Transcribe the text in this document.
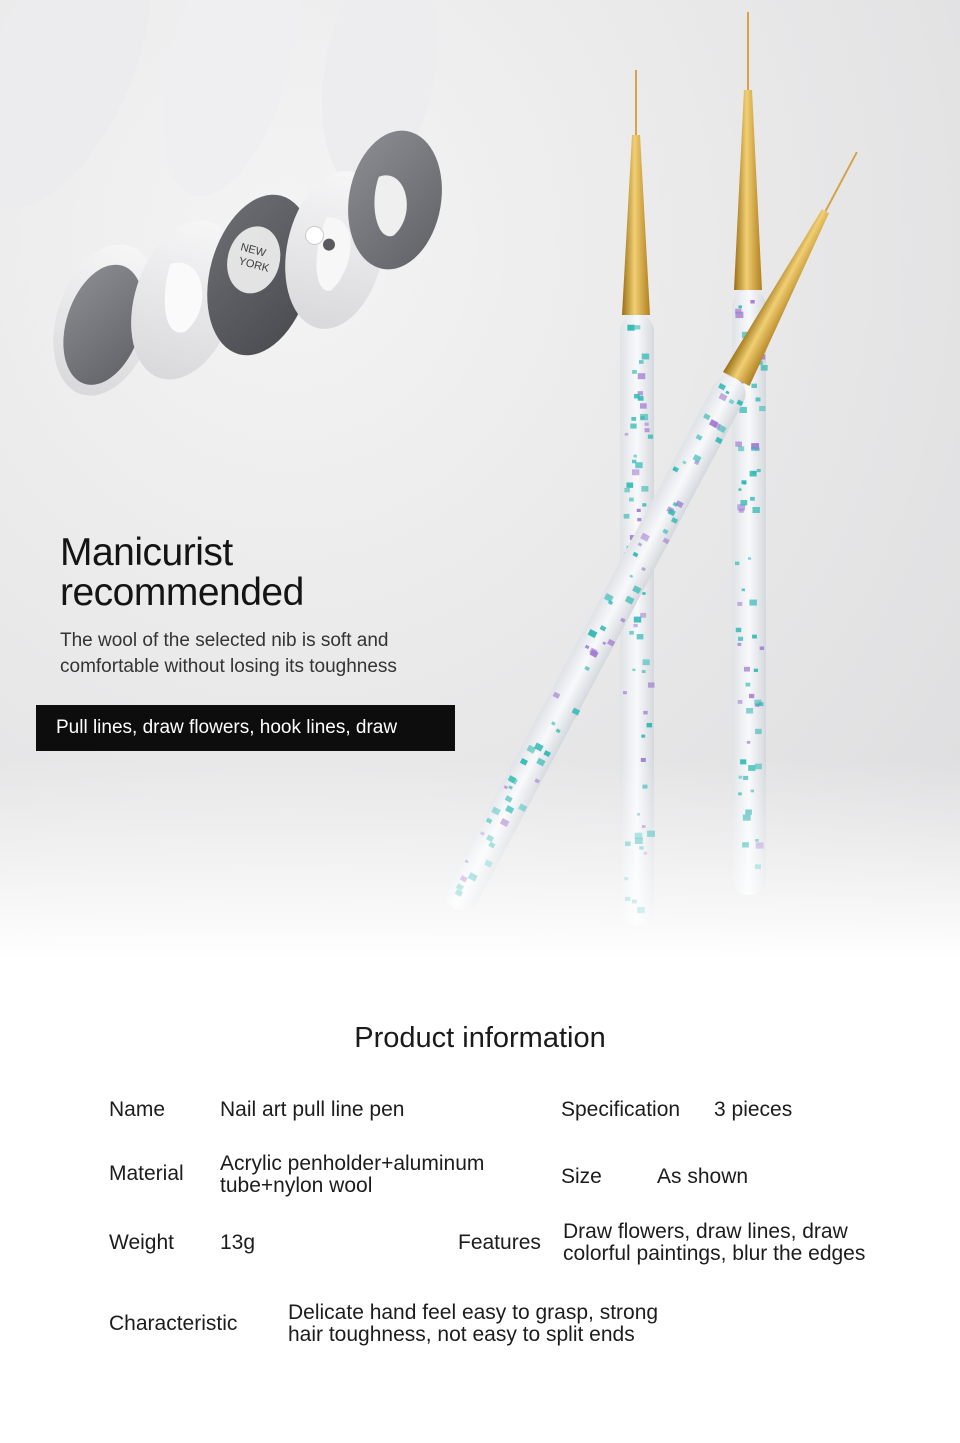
NEW
YORK
Manicurist
recommended

The wool of the selected nib is soft and
comfortable without losing its toughness

Pull lines, draw flowers, hook lines, draw
Product information
Name	Nail art pull line pen	Specification 3 pieces
Material Acrylic penholder+aluminum
tube+nylon wool	Size	As shown
Weight 13g	Features Draw flowers, draw lines, draw
colorful paintings, blur the edges
Characteristic Delicate hand feel easy to grasp, strong
hair toughness, not easy to split ends
